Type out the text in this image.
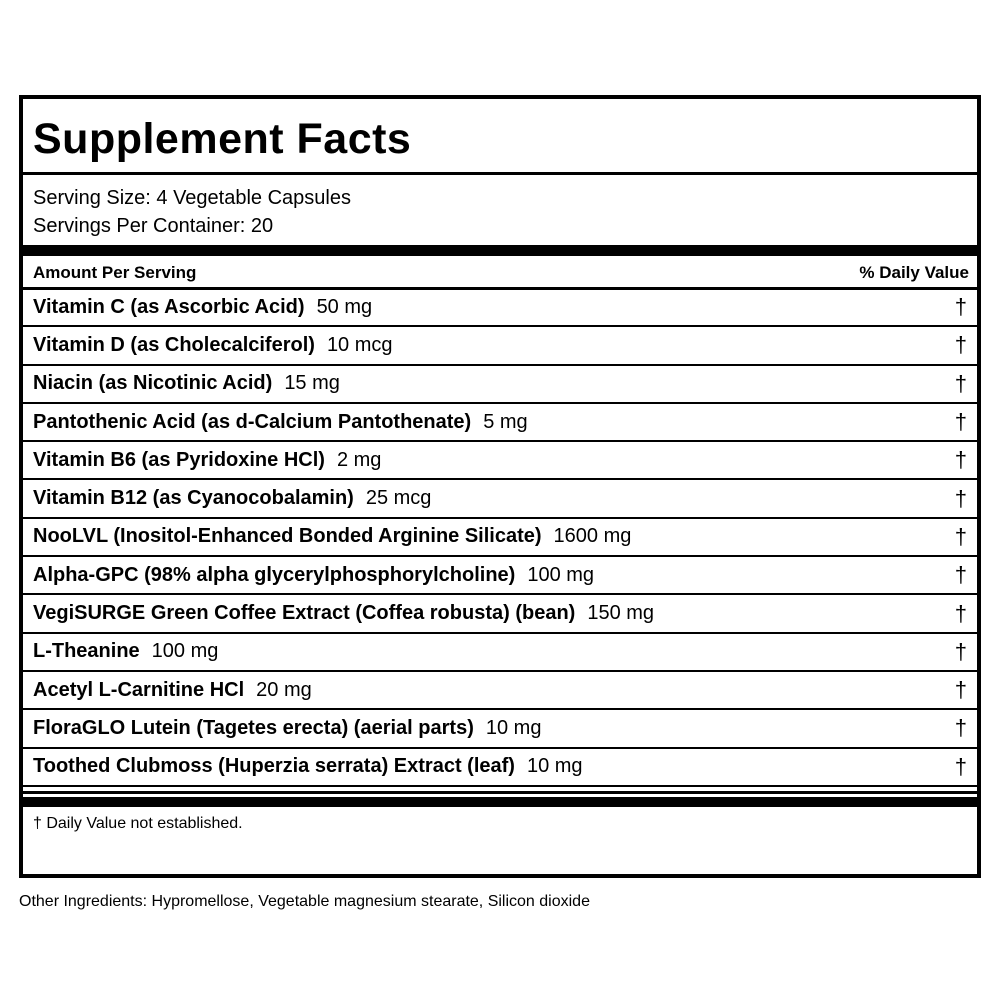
Supplement Facts
Serving Size: 4 Vegetable Capsules
Servings Per Container: 20
Amount Per Serving	% Daily Value
Vitamin C (as Ascorbic Acid) 50 mg	†
Vitamin D (as Cholecalciferol) 10 mcg	†
Niacin (as Nicotinic Acid) 15 mg	†
Pantothenic Acid (as d-Calcium Pantothenate) 5 mg	†
Vitamin B6 (as Pyridoxine HCl) 2 mg	†
Vitamin B12 (as Cyanocobalamin) 25 mcg	†
NooLVL (Inositol-Enhanced Bonded Arginine Silicate) 1600 mg	†
Alpha-GPC (98% alpha glycerylphosphorylcholine) 100 mg	†
VegiSURGE Green Coffee Extract (Coffea robusta) (bean) 150 mg	†
L-Theanine 100 mg	†
Acetyl L-Carnitine HCl 20 mg	†
FloraGLO Lutein (Tagetes erecta) (aerial parts) 10 mg	†
Toothed Clubmoss (Huperzia serrata) Extract (leaf) 10 mg	†
† Daily Value not established.
Other Ingredients: Hypromellose, Vegetable magnesium stearate, Silicon dioxide
